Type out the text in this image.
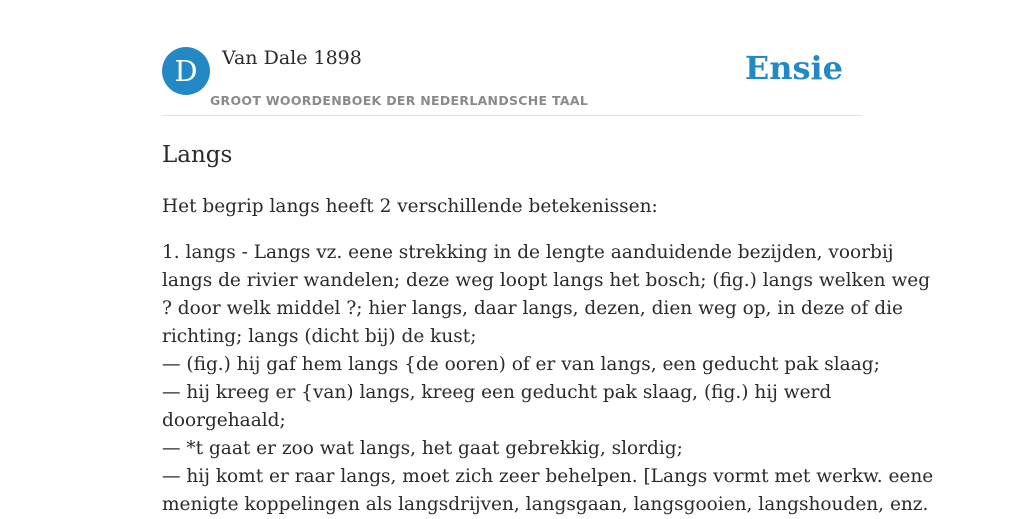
D	Van Dale 1898
GROOT WOORDENBOEK DER NEDERLANDSCHE TAAL
Ensie
Langs

Het begrip langs heeft 2 verschillende betekenissen:

1. langs - Langs vz. eene strekking in de lengte aanduidende bezijden, voorbij
langs de rivier wandelen; deze weg loopt langs het bosch; (fig.) langs welken weg
? door welk middel ?; hier langs, daar langs, dezen, dien weg op, in deze of die
richting; langs (dicht bij) de kust;
— (fig.) hij gaf hem langs {de ooren) of er van langs, een geducht pak slaag;
— hij kreeg er {van) langs, kreeg een geducht pak slaag, (fig.) hij werd
doorgehaald;
— *t gaat er zoo wat langs, het gaat gebrekkig, slordig;
— hij komt er raar langs, moet zich zeer behelpen. [Langs vormt met werkw. eene
menigte koppelingen als langsdrijven, langsgaan, langsgooien, langshouden, enz.
